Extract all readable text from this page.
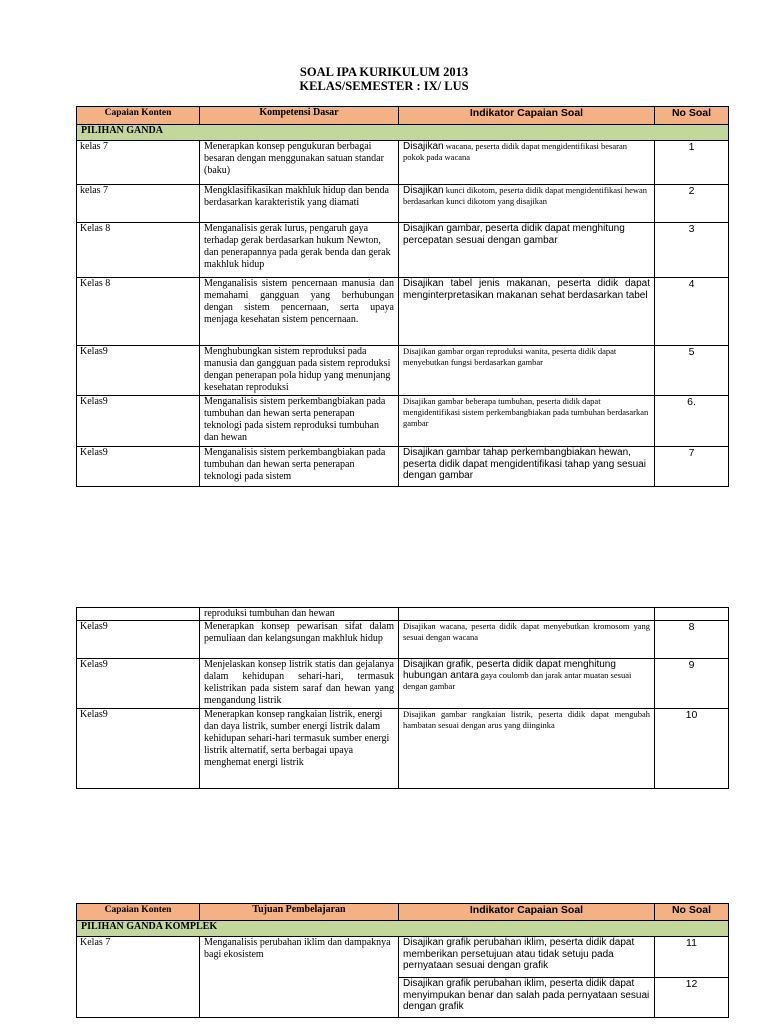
SOAL IPA KURIKULUM 2013
KELAS/SEMESTER : IX/ LUS
Capaian Konten	Kompetensi Dasar	Indikator Capaian Soal	No Soal
PILIHAN GANDA			
kelas 7	Menerapkan konsep pengukuran berbagai besaran dengan menggunakan satuan standar (baku)	Disajikan wacana, peserta didik dapat mengidentifikasi besaran pokok pada wacana	1
kelas 7	Mengklasifikasikan makhluk hidup dan benda berdasarkan karakteristik yang diamati	Disajikan kunci dikotom, peserta didik dapat mengidentifikasi hewan berdasarkan kunci dikotom yang disajikan	2
Kelas 8	Menganalisis gerak lurus, pengaruh gaya terhadap gerak berdasarkan hukum Newton, dan penerapannya pada gerak benda dan gerak makhluk hidup	Disajikan gambar, peserta didik dapat menghitung percepatan sesuai dengan gambar	3
Kelas 8	Menganalisis sistem pencernaan manusia dan memahami gangguan yang berhubungan dengan sistem pencernaan, serta upaya menjaga kesehatan sistem pencernaan.	Disajikan tabel jenis makanan, peserta didik dapat menginterpretasikan makanan sehat berdasarkan tabel	4
Kelas9	Menghubungkan sistem reproduksi pada manusia dan gangguan pada sistem reproduksi dengan penerapan pola hidup yang menunjang kesehatan reproduksi	Disajikan gambar organ reproduksi wanita, peserta didik dapat menyebutkan fungsi berdasarkan gambar	5
Kelas9	Menganalisis sistem perkembangbiakan pada tumbuhan dan hewan serta penerapan teknologi pada sistem reproduksi tumbuhan dan hewan	Disajikan gambar beberapa tumbuhan, peserta didik dapat mengidentifikasi sistem perkembangbiakan pada tumbuhan berdasarkan gambar	6.
Kelas9	Menganalisis sistem perkembangbiakan pada tumbuhan dan hewan serta penerapan teknologi pada sistem	Disajikan gambar tahap perkembangbiakan hewan, peserta didik dapat mengidentifikasi tahap yang sesuai dengan gambar	7
	reproduksi tumbuhan dan hewan		
Kelas9	Menerapkan konsep pewarisan sifat dalam pemuliaan dan kelangsungan makhluk hidup	Disajikan wacana, peserta didik dapat menyebutkan kromosom yang sesuai dengan wacana	8
Kelas9	Menjelaskan konsep listrik statis dan gejalanya dalam kehidupan sehari-hari, termasuk kelistrikan pada sistem saraf dan hewan yang mengandung listrik	Disajikan grafik, peserta didik dapat menghitung hubungan antara gaya coulomb dan jarak antar muatan sesuai dengan gambar	9
Kelas9	Menerapkan konsep rangkaian listrik, energi dan daya listrik, sumber energi listrik dalam kehidupan sehari-hari termasuk sumber energi listrik alternatif, serta berbagai upaya menghemat energi listrik	Disajikan gambar rangkaian listrik, peserta didik dapat mengubah hambatan sesuai dengan arus yang diinginka	10
Capaian Konten	Tujuan Pembelajaran	Indikator Capaian Soal	No Soal
PILIHAN GANDA KOMPLEK			
Kelas 7	Menganalisis perubahan iklim dan dampaknya bagi ekosistem	Disajikan grafik perubahan iklim, peserta didik dapat memberikan persetujuan atau tidak setuju pada pernyataan sesuai dengan grafik	11
		Disajikan grafik perubahan iklim, peserta didik dapat menyimpukan benar dan salah pada pernyataan sesuai dengan grafik	12
